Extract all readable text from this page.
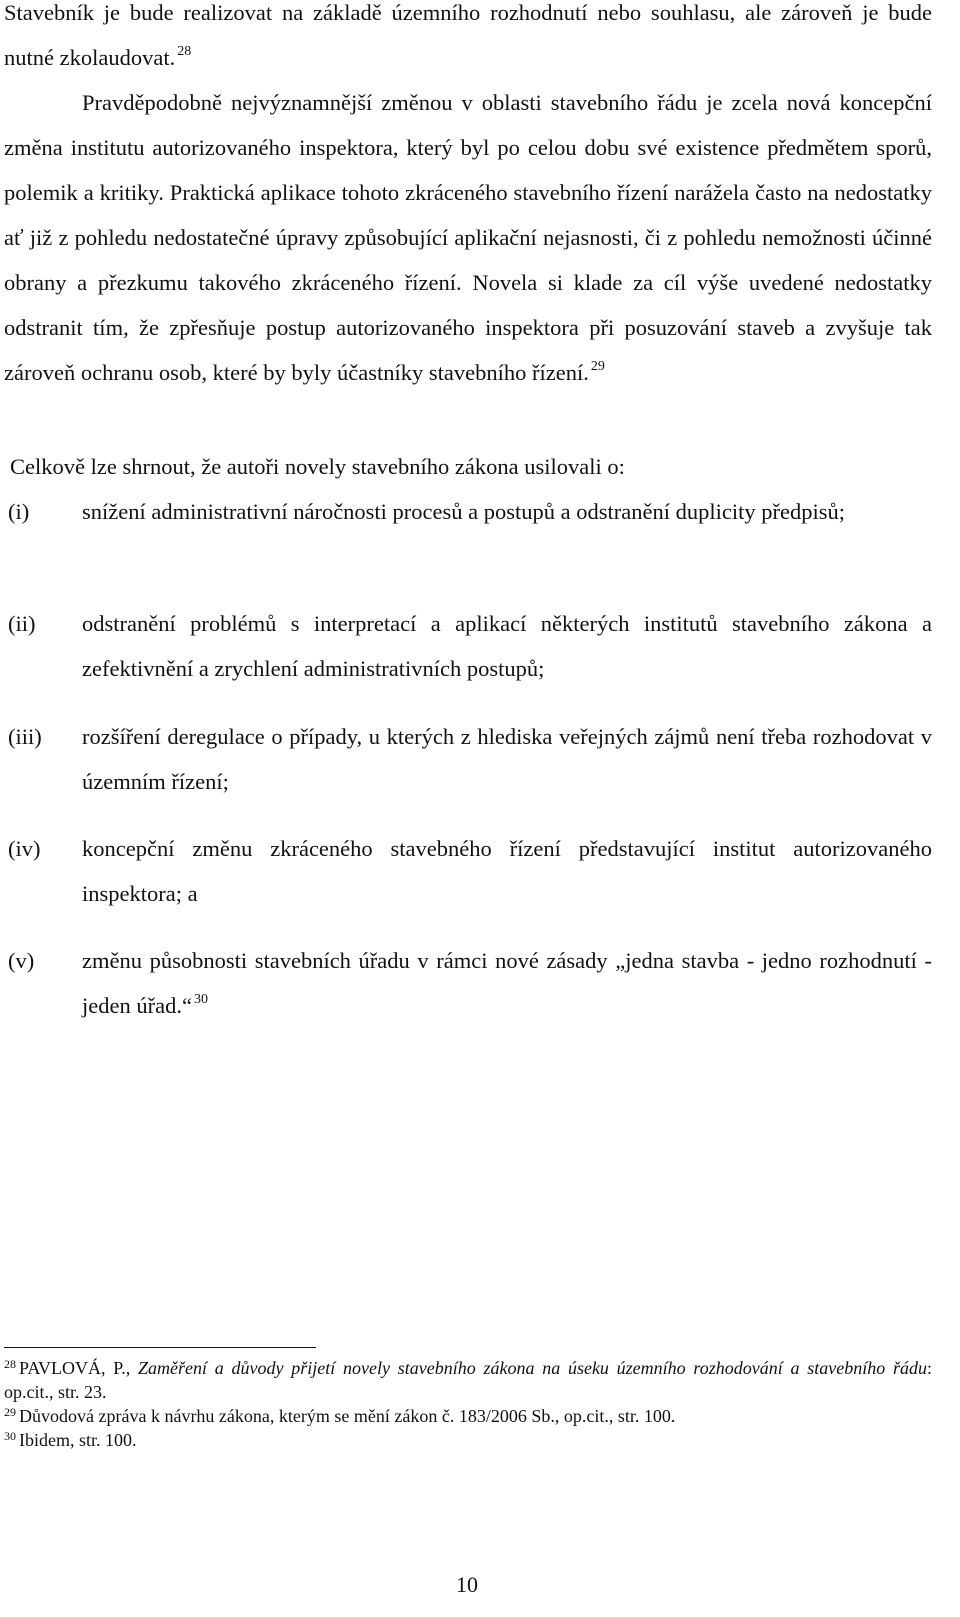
Stavebník je bude realizovat na základě územního rozhodnutí nebo souhlasu, ale zároveň je bude nutné zkolaudovat. $^{28}$

Pravděpodobně nejvýznamnější změnou v oblasti stavebního řádu je zcela nová koncepční změna institutu autorizovaného inspektora, který byl po celou dobu své existence předmětem sporů, polemik a kritiky. Praktická aplikace tohoto zkráceného stavebního řízení narážela často na nedostatky ať již z pohledu nedostatečné úpravy způsobující aplikační nejasnosti, či z pohledu nemožnosti účinné obrany a přezkumu takového zkráceného řízení. Novela si klade za cíl výše uvedené nedostatky odstranit tím, že zpřesňuje postup autorizovaného inspektora při posuzování staveb a zvyšuje tak zároveň ochranu osob, které by byly účastníky stavebního řízení. $^{29}$

Celkově lze shrnout, že autoři novely stavebního zákona usilovali o:

(i) snížení administrativní náročnosti procesů a postupů a odstranění duplicity předpisů;

(ii) odstranění problémů s interpretací a aplikací některých institutů stavebního zákona a zefektivnění a zrychlení administrativních postupů;

(iii) rozšíření deregulace o případy, u kterých z hlediska veřejných zájmů není třeba rozhodovat v územním řízení;

(iv) koncepční změnu zkráceného stavebného řízení představující institut autorizovaného inspektora; a

(v) změnu působnosti stavebních úřadu v rámci nové zásady „jedna stavba - jedno rozhodnutí - jeden úřad.“ $^{30}$

$^{28}$ PAVLOVÁ, P., Zaměření a důvody přijetí novely stavebního zákona na úseku územního rozhodování a stavebního řádu: op.cit., str. 23.

$^{29}$ Důvodová zpráva k návrhu zákona, kterým se mění zákon č. 183/2006 Sb., op.cit., str. 100.

$^{30}$ Ibidem, str. 100.

10
